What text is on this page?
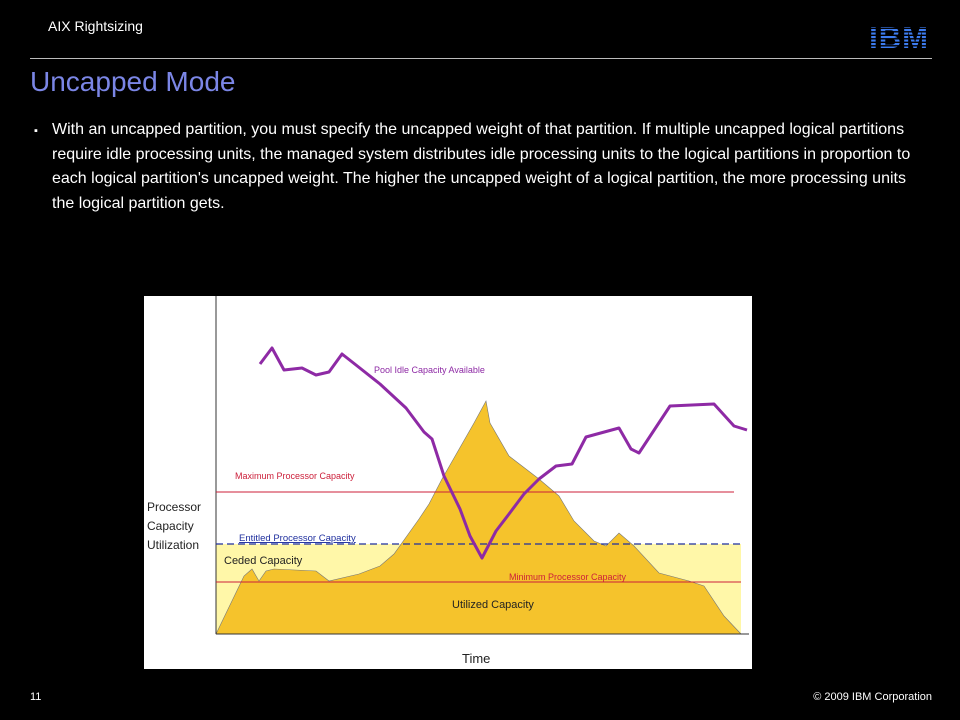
AIX Rightsizing	IBM
Uncapped Mode
▪ With an uncapped partition, you must specify the uncapped weight of that partition. If multiple uncapped logical partitions require idle processing units, the managed system distributes idle processing units to the logical partitions in proportion to each logical partition's uncapped weight. The higher the uncapped weight of a logical partition, the more processing units the logical partition gets.
Pool Idle Capacity Available
Maximum Processor Capacity
Entitled Processor Capacity
Ceded Capacity
Minimum Processor Capacity
Utilized Capacity
Processor
Capacity
Utilization
Time
11	© 2009 IBM Corporation
